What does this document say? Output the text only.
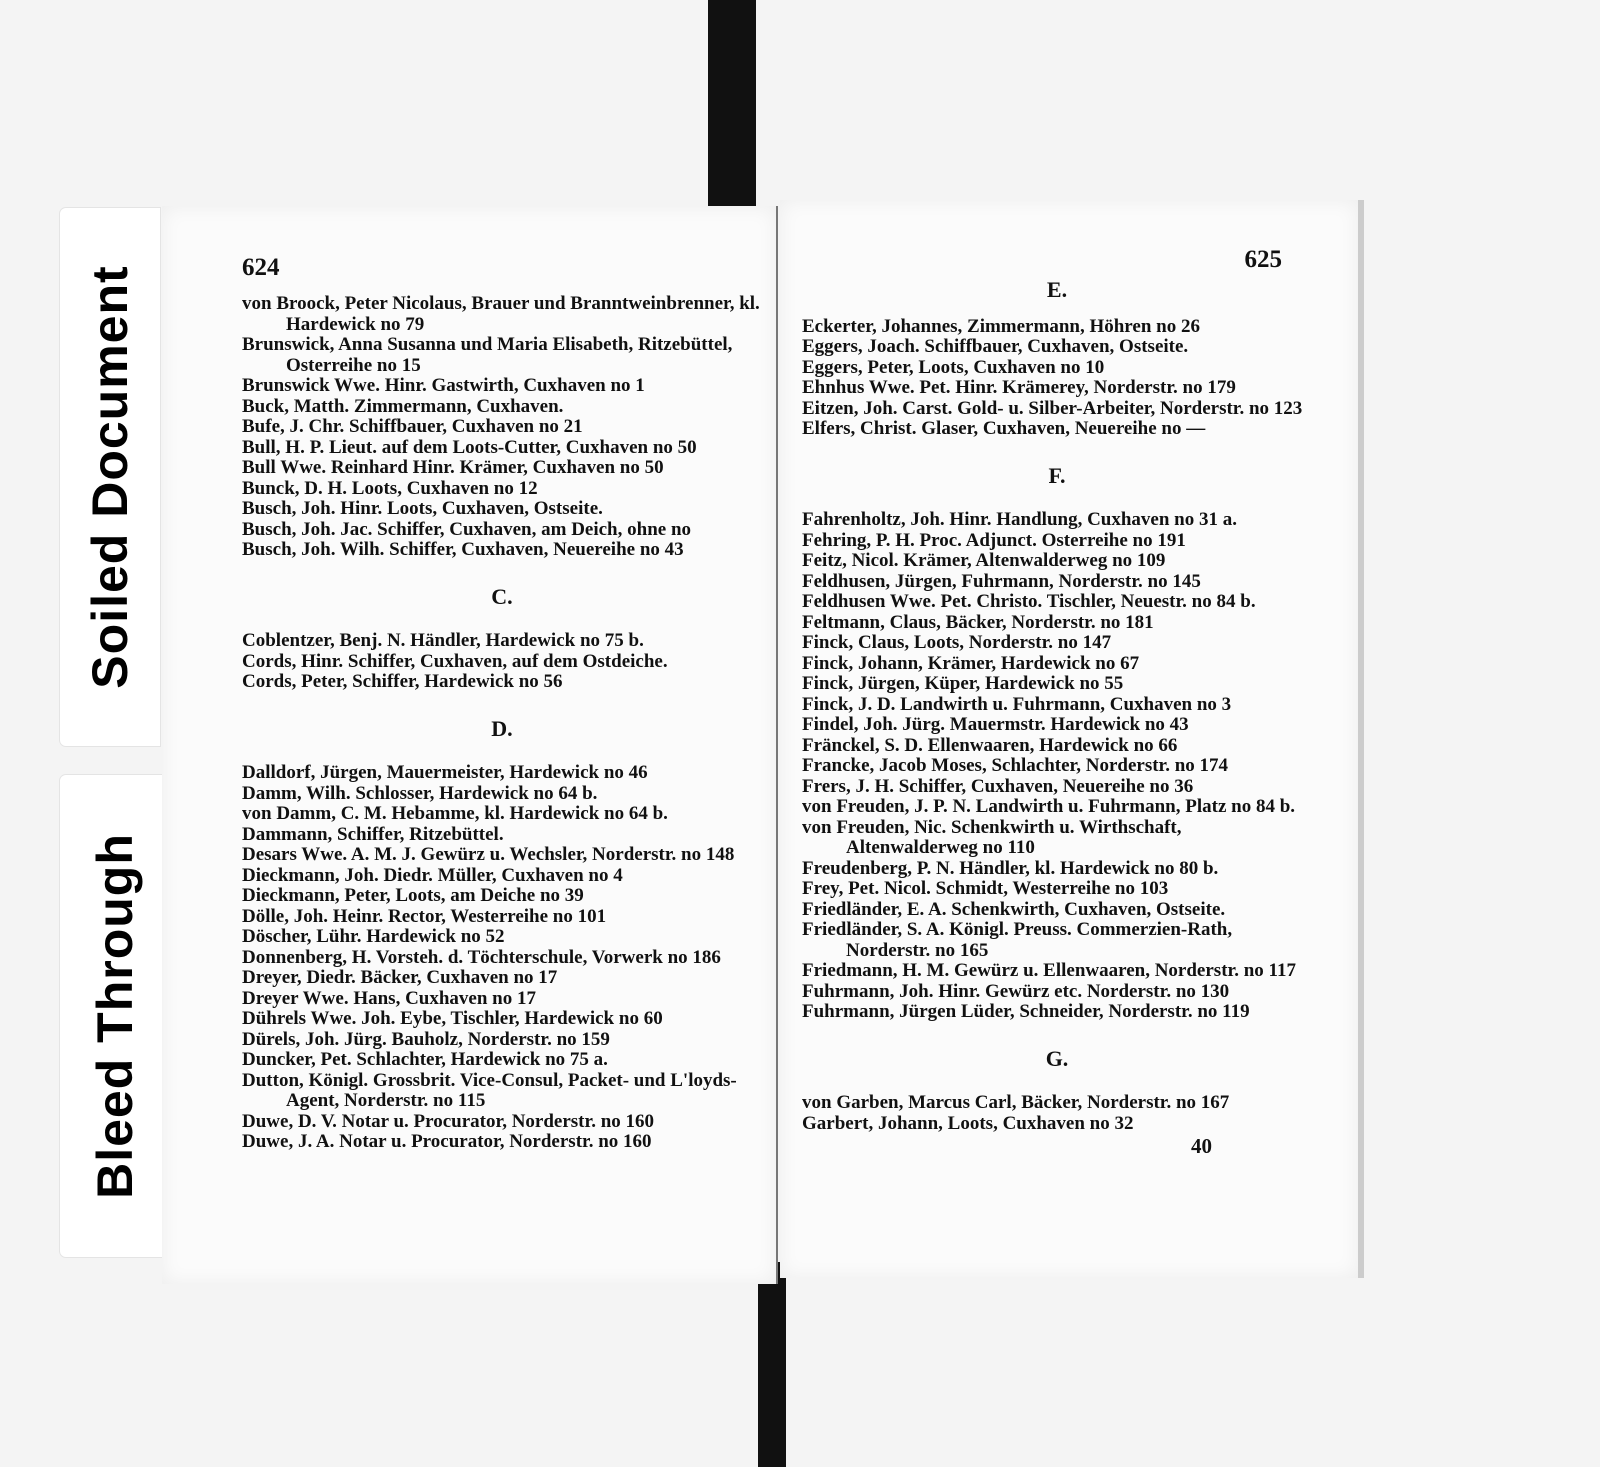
Soiled Document
Bleed Through
624

von Broock, Peter Nicolaus, Brauer und Branntweinbrenner, kl. Hardewick no 79

Brunswick, Anna Susanna und Maria Elisabeth, Ritzebüttel, Osterreihe no 15

Brunswick Wwe. Hinr. Gastwirth, Cuxhaven no 1

Buck, Matth. Zimmermann, Cuxhaven.

Bufe, J. Chr. Schiffbauer, Cuxhaven no 21

Bull, H. P. Lieut. auf dem Loots-Cutter, Cuxhaven no 50

Bull Wwe. Reinhard Hinr. Krämer, Cuxhaven no 50

Bunck, D. H. Loots, Cuxhaven no 12

Busch, Joh. Hinr. Loots, Cuxhaven, Ostseite.

Busch, Joh. Jac. Schiffer, Cuxhaven, am Deich, ohne no

Busch, Joh. Wilh. Schiffer, Cuxhaven, Neuereihe no 43

C.

Coblentzer, Benj. N. Händler, Hardewick no 75 b.

Cords, Hinr. Schiffer, Cuxhaven, auf dem Ostdeiche.

Cords, Peter, Schiffer, Hardewick no 56

D.

Dalldorf, Jürgen, Mauermeister, Hardewick no 46

Damm, Wilh. Schlosser, Hardewick no 64 b.

von Damm, C. M. Hebamme, kl. Hardewick no 64 b.

Dammann, Schiffer, Ritzebüttel.

Desars Wwe. A. M. J. Gewürz u. Wechsler, Norderstr. no 148

Dieckmann, Joh. Diedr. Müller, Cuxhaven no 4

Dieckmann, Peter, Loots, am Deiche no 39

Dölle, Joh. Heinr. Rector, Westerreihe no 101

Döscher, Lühr. Hardewick no 52

Donnenberg, H. Vorsteh. d. Töchterschule, Vorwerk no 186

Dreyer, Diedr. Bäcker, Cuxhaven no 17

Dreyer Wwe. Hans, Cuxhaven no 17

Dührels Wwe. Joh. Eybe, Tischler, Hardewick no 60

Dürels, Joh. Jürg. Bauholz, Norderstr. no 159

Duncker, Pet. Schlachter, Hardewick no 75 a.

Dutton, Königl. Grossbrit. Vice-Consul, Packet- und L'loyds-Agent, Norderstr. no 115

Duwe, D. V. Notar u. Procurator, Norderstr. no 160

Duwe, J. A. Notar u. Procurator, Norderstr. no 160

625
E.

Eckerter, Johannes, Zimmermann, Höhren no 26

Eggers, Joach. Schiffbauer, Cuxhaven, Ostseite.

Eggers, Peter, Loots, Cuxhaven no 10

Ehnhus Wwe. Pet. Hinr. Krämerey, Norderstr. no 179

Eitzen, Joh. Carst. Gold- u. Silber-Arbeiter, Norderstr. no 123

Elfers, Christ. Glaser, Cuxhaven, Neuereihe no —

F.

Fahrenholtz, Joh. Hinr. Handlung, Cuxhaven no 31 a.

Fehring, P. H. Proc. Adjunct. Osterreihe no 191

Feitz, Nicol. Krämer, Altenwalderweg no 109

Feldhusen, Jürgen, Fuhrmann, Norderstr. no 145

Feldhusen Wwe. Pet. Christo. Tischler, Neuestr. no 84 b.

Feltmann, Claus, Bäcker, Norderstr. no 181

Finck, Claus, Loots, Norderstr. no 147

Finck, Johann, Krämer, Hardewick no 67

Finck, Jürgen, Küper, Hardewick no 55

Finck, J. D. Landwirth u. Fuhrmann, Cuxhaven no 3

Findel, Joh. Jürg. Mauermstr. Hardewick no 43

Fränckel, S. D. Ellenwaaren, Hardewick no 66

Francke, Jacob Moses, Schlachter, Norderstr. no 174

Frers, J. H. Schiffer, Cuxhaven, Neuereihe no 36

von Freuden, J. P. N. Landwirth u. Fuhrmann, Platz no 84 b.

von Freuden, Nic. Schenkwirth u. Wirthschaft, Altenwalderweg no 110

Freudenberg, P. N. Händler, kl. Hardewick no 80 b.

Frey, Pet. Nicol. Schmidt, Westerreihe no 103

Friedländer, E. A. Schenkwirth, Cuxhaven, Ostseite.

Friedländer, S. A. Königl. Preuss. Commerzien-Rath, Norderstr. no 165

Friedmann, H. M. Gewürz u. Ellenwaaren, Norderstr. no 117

Fuhrmann, Joh. Hinr. Gewürz etc. Norderstr. no 130

Fuhrmann, Jürgen Lüder, Schneider, Norderstr. no 119

G.

von Garben, Marcus Carl, Bäcker, Norderstr. no 167

Garbert, Johann, Loots, Cuxhaven no 32

40
